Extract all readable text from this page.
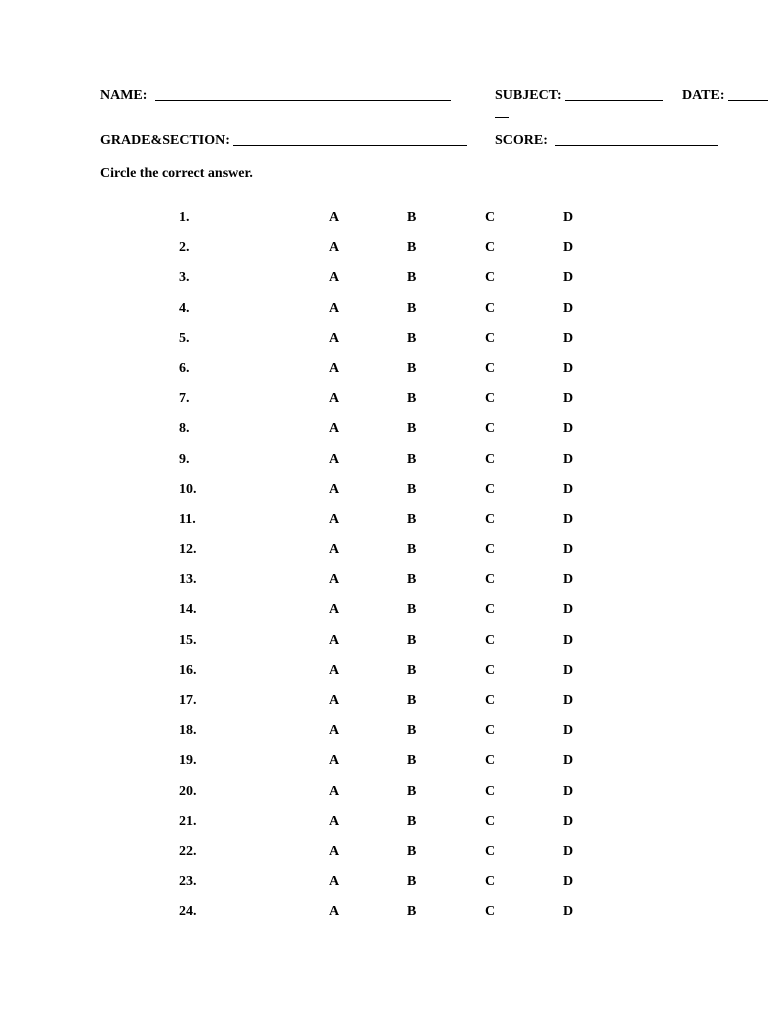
NAME:	SUBJECT:	DATE:
GRADE&SECTION:	SCORE:
Circle the correct answer.
1.	A	B	C	D
2.	A	B	C	D
3.	A	B	C	D
4.	A	B	C	D
5.	A	B	C	D
6.	A	B	C	D
7.	A	B	C	D
8.	A	B	C	D
9.	A	B	C	D
10.	A	B	C	D
11.	A	B	C	D
12.	A	B	C	D
13.	A	B	C	D
14.	A	B	C	D
15.	A	B	C	D
16.	A	B	C	D
17.	A	B	C	D
18.	A	B	C	D
19.	A	B	C	D
20.	A	B	C	D
21.	A	B	C	D
22.	A	B	C	D
23.	A	B	C	D
24.	A	B	C	D
